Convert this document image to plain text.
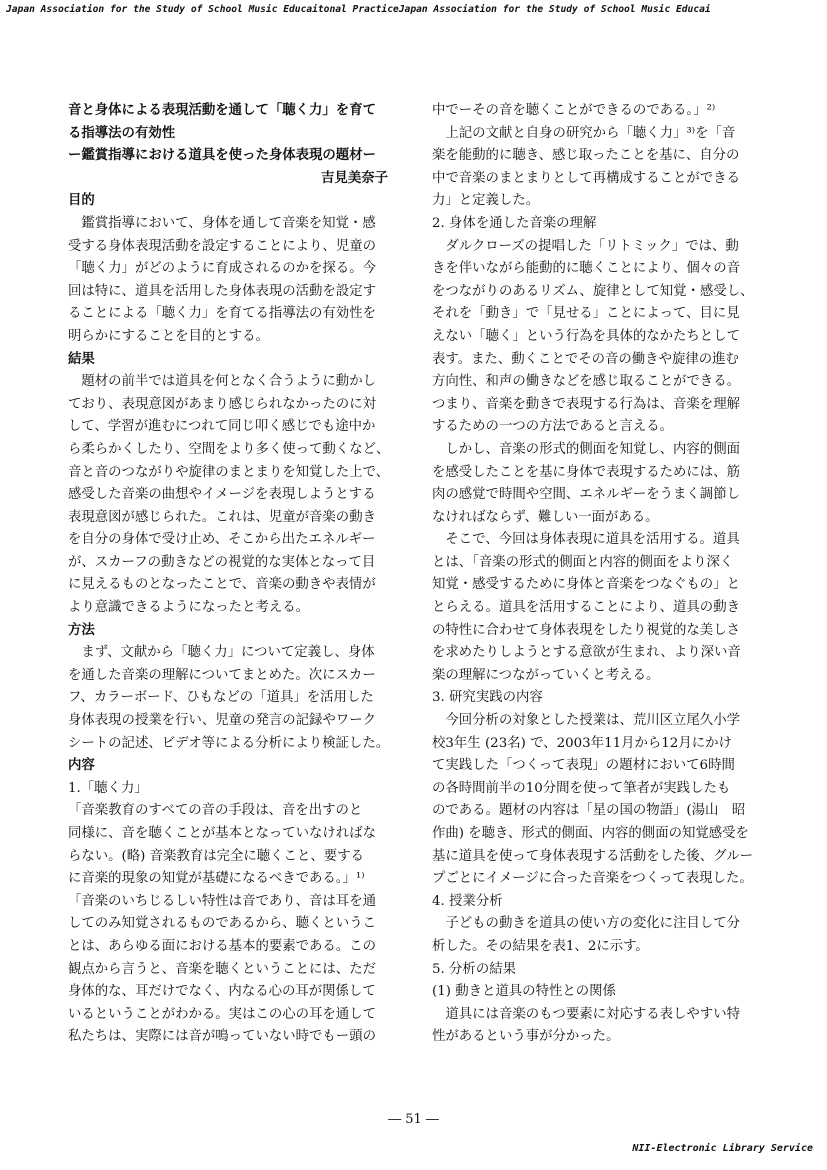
Japan Association for the Study of School Music Educaitonal PracticeJapan Association for the Study of School Music Educai
音と身体による表現活動を通して「聴く力」を育て
る指導法の有効性
ー鑑賞指導における道具を使った身体表現の題材ー
吉見美奈子
目的
　鑑賞指導において、身体を通して音楽を知覚・感
受する身体表現活動を設定することにより、児童の
「聴く力」がどのように育成されるのかを探る。今
回は特に、道具を活用した身体表現の活動を設定す
ることによる「聴く力」を育てる指導法の有効性を
明らかにすることを目的とする。
結果
　題材の前半では道具を何となく合うように動かし
ており、表現意図があまり感じられなかったのに対
して、学習が進むにつれて同じ叩く感じでも途中か
ら柔らかくしたり、空間をより多く使って動くなど、
音と音のつながりや旋律のまとまりを知覚した上で、
感受した音楽の曲想やイメージを表現しようとする
表現意図が感じられた。これは、児童が音楽の動き
を自分の身体で受け止め、そこから出たエネルギー
が、スカーフの動きなどの視覚的な実体となって目
に見えるものとなったことで、音楽の動きや表情が
より意識できるようになったと考える。
方法
　まず、文献から「聴く力」について定義し、身体
を通した音楽の理解についてまとめた。次にスカー
フ、カラーボード、ひもなどの「道具」を活用した
身体表現の授業を行い、児童の発言の記録やワーク
シートの記述、ビデオ等による分析により検証した。
内容
1.「聴く力」
「音楽教育のすべての音の手段は、音を出すのと
同様に、音を聴くことが基本となっていなければな
らない。(略) 音楽教育は完全に聴くこと、要する
に音楽的現象の知覚が基礎になるべきである。」¹⁾
「音楽のいちじるしい特性は音であり、音は耳を通
してのみ知覚されるものであるから、聴くというこ
とは、あらゆる面における基本的要素である。この
観点から言うと、音楽を聴くということには、ただ
身体的な、耳だけでなく、内なる心の耳が関係して
いるということがわかる。実はこの心の耳を通して
私たちは、実際には音が鳴っていない時でもー頭の
中でーその音を聴くことができるのである。」²⁾
　上記の文献と自身の研究から「聴く力」³⁾を「音
楽を能動的に聴き、感じ取ったことを基に、自分の
中で音楽のまとまりとして再構成することができる
力」と定義した。
2. 身体を通した音楽の理解
　ダルクローズの提唱した「リトミック」では、動
きを伴いながら能動的に聴くことにより、個々の音
をつながりのあるリズム、旋律として知覚・感受し、
それを「動き」で「見せる」ことによって、目に見
えない「聴く」という行為を具体的なかたちとして
表す。また、動くことでその音の働きや旋律の進む
方向性、和声の働きなどを感じ取ることができる。
つまり、音楽を動きで表現する行為は、音楽を理解
するための一つの方法であると言える。
　しかし、音楽の形式的側面を知覚し、内容的側面
を感受したことを基に身体で表現するためには、筋
肉の感覚で時間や空間、エネルギーをうまく調節し
なければならず、難しい一面がある。
　そこで、今回は身体表現に道具を活用する。道具
とは、「音楽の形式的側面と内容的側面をより深く
知覚・感受するために身体と音楽をつなぐもの」と
とらえる。道具を活用することにより、道具の動き
の特性に合わせて身体表現をしたり視覚的な美しさ
を求めたりしようとする意欲が生まれ、より深い音
楽の理解につながっていくと考える。
3. 研究実践の内容
　今回分析の対象とした授業は、荒川区立尾久小学
校3年生 (23名) で、2003年11月から12月にかけ
て実践した「つくって表現」の題材において6時間
の各時間前半の10分間を使って筆者が実践したも
のである。題材の内容は「星の国の物語」(湯山　昭
作曲) を聴き、形式的側面、内容的側面の知覚感受を
基に道具を使って身体表現する活動をした後、グルー
プごとにイメージに合った音楽をつくって表現した。
4. 授業分析
　子どもの動きを道具の使い方の変化に注目して分
析した。その結果を表1、2に示す。
5. 分析の結果
(1) 動きと道具の特性との関係
　道具には音楽のもつ要素に対応する表しやすい特
性があるという事が分かった。
― 51 ―
NII-Electronic Library Service
